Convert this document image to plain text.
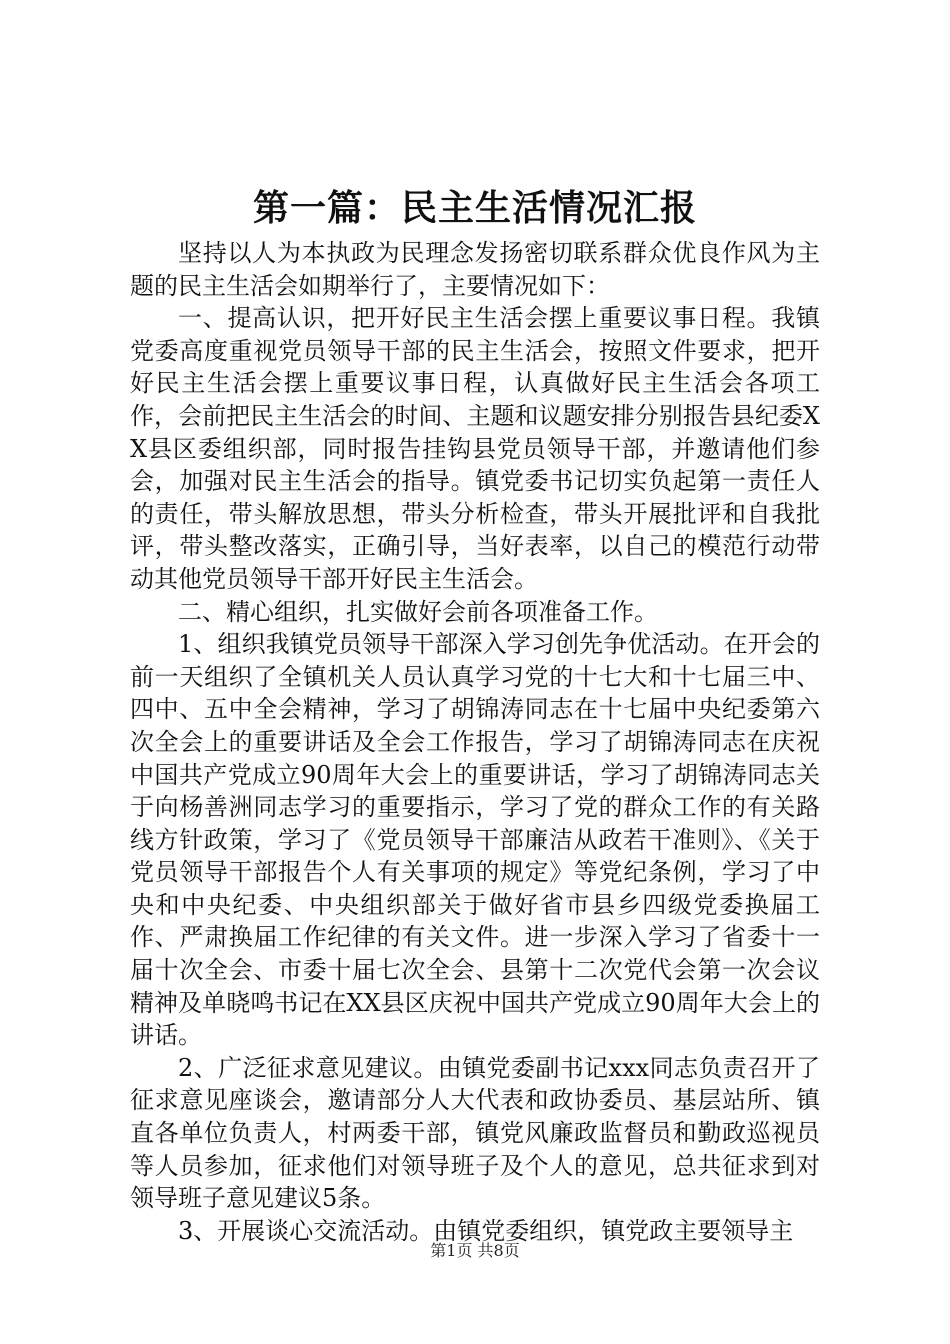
第一篇：民主生活情况汇报

坚持以人为本执政为民理念发扬密切联系群众优良作风为主题的民主生活会如期举行了，主要情况如下：

一、提高认识，把开好民主生活会摆上重要议事日程。我镇党委高度重视党员领导干部的民主生活会，按照文件要求，把开好民主生活会摆上重要议事日程，认真做好民主生活会各项工作，会前把民主生活会的时间、主题和议题安排分别报告县纪委XX县区委组织部，同时报告挂钩县党员领导干部，并邀请他们参会，加强对民主生活会的指导。镇党委书记切实负起第一责任人的责任，带头解放思想，带头分析检查，带头开展批评和自我批评，带头整改落实，正确引导，当好表率，以自己的模范行动带动其他党员领导干部开好民主生活会。

二、精心组织，扎实做好会前各项准备工作。

1、组织我镇党员领导干部深入学习创先争优活动。在开会的前一天组织了全镇机关人员认真学习党的十七大和十七届三中、四中、五中全会精神，学习了胡锦涛同志在十七届中央纪委第六次全会上的重要讲话及全会工作报告，学习了胡锦涛同志在庆祝中国共产党成立90周年大会上的重要讲话，学习了胡锦涛同志关于向杨善洲同志学习的重要指示，学习了党的群众工作的有关路线方针政策，学习了《党员领导干部廉洁从政若干准则》、《关于党员领导干部报告个人有关事项的规定》等党纪条例，学习了中央和中央纪委、中央组织部关于做好省市县乡四级党委换届工作、严肃换届工作纪律的有关文件。进一步深入学习了省委十一届十次全会、市委十届七次全会、县第十二次党代会第一次会议精神及单晓鸣书记在XX县区庆祝中国共产党成立90周年大会上的讲话。

2、广泛征求意见建议。由镇党委副书记xxx同志负责召开了征求意见座谈会，邀请部分人大代表和政协委员、基层站所、镇直各单位负责人，村两委干部，镇党风廉政监督员和勤政巡视员等人员参加，征求他们对领导班子及个人的意见，总共征求到对领导班子意见建议5条。

3、开展谈心交流活动。由镇党委组织，镇党政主要领导主

第1页 共8页
